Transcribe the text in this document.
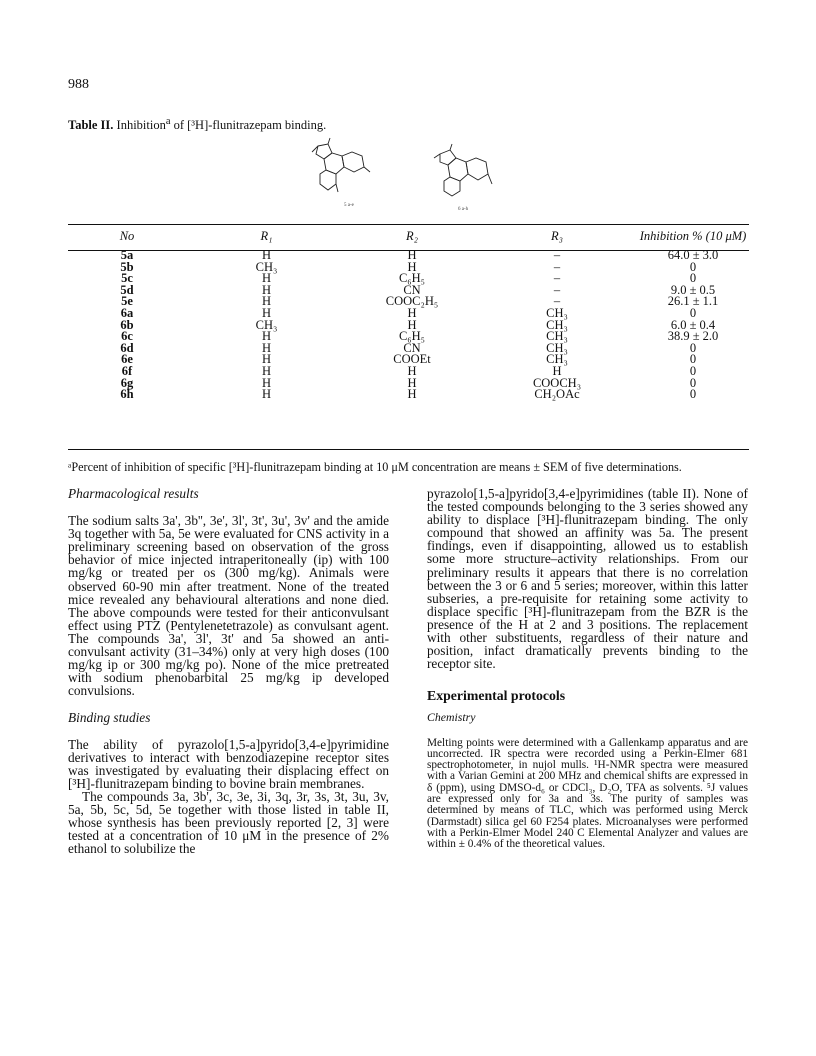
988
Table II. Inhibition$^a$ of [³H]-flunitrazepam binding.
5 a-e
6 a-h
No	R₁	R₂	R₃	Inhibition % (10 μM)
5a	H	H	–	64.0 ± 3.0
5b	CH₃	H	–	0
5c	H	C₆H₅	–	0
5d	H	CN	–	9.0 ± 0.5
5e	H	COOC₂H₅	–	26.1 ± 1.1
6a	H	H	CH₃	0
6b	CH₃	H	CH₃	6.0 ± 0.4
6c	H	C₆H₅	CH₃	38.9 ± 2.0
6d	H	CN	CH₃	0
6e	H	COOEt	CH₃	0
6f	H	H	H	0
6g	H	H	COOCH₃	0
6h	H	H	CH₂OAc	0
ᵃPercent of inhibition of specific [³H]-flunitrazepam binding at 10 μM concentration are means ± SEM of five determinations.

Pharmacological results

The sodium salts 3a', 3b'', 3e', 3l', 3t', 3u', 3v' and the amide 3q together with 5a, 5e were evaluated for CNS activity in a preliminary screening based on observation of the gross behavior of mice injected intraperitoneally (ip) with 100 mg/kg or treated per os (300 mg/kg). Animals were observed 60-90 min after treatment. None of the treated mice revealed any behavioural alterations and none died. The above compounds were tested for their anticonvulsant effect using PTZ (Pentylenetetrazole) as convulsant agent. The compounds 3a', 3l', 3t' and 5a showed an anti-convulsant activity (31–34%) only at very high doses (100 mg/kg ip or 300 mg/kg po). None of the mice pretreated with sodium phenobarbital 25 mg/kg ip developed convulsions.

Binding studies

The ability of pyrazolo[1,5-a]pyrido[3,4-e]pyrimidine derivatives to interact with benzodiazepine receptor sites was investigated by evaluating their displacing effect on [³H]-flunitrazepam binding to bovine brain membranes.

The compounds 3a, 3b', 3c, 3e, 3i, 3q, 3r, 3s, 3t, 3u, 3v, 5a, 5b, 5c, 5d, 5e together with those listed in table II, whose synthesis has been previously reported [2, 3] were tested at a concentration of 10 μM in the presence of 2% ethanol to solubilize the

pyrazolo[1,5-a]pyrido[3,4-e]pyrimidines (table II). None of the tested compounds belonging to the 3 series showed any ability to displace [³H]-flunitrazepam binding. The only compound that showed an affinity was 5a. The present findings, even if disappointing, allowed us to establish some more structure–activity relationships. From our preliminary results it appears that there is no correlation between the 3 or 6 and 5 series; moreover, within this latter subseries, a pre-requisite for retaining some activity to displace specific [³H]-flunitrazepam from the BZR is the presence of the H at 2 and 3 positions. The replacement with other substituents, regardless of their nature and position, infact dramatically prevents binding to the receptor site.

Experimental protocols

Chemistry

Melting points were determined with a Gallenkamp apparatus and are uncorrected. IR spectra were recorded using a Perkin-Elmer 681 spectrophotometer, in nujol mulls. ¹H-NMR spectra were measured with a Varian Gemini at 200 MHz and chemical shifts are expressed in δ (ppm), using DMSO-d₆ or CDCl₃, D₂O, TFA as solvents. ⁵J values are expressed only for 3a and 3s. The purity of samples was determined by means of TLC, which was performed using Merck (Darmstadt) silica gel 60 F254 plates. Microanalyses were performed with a Perkin-Elmer Model 240 C Elemental Analyzer and values are within ± 0.4% of the theoretical values.
